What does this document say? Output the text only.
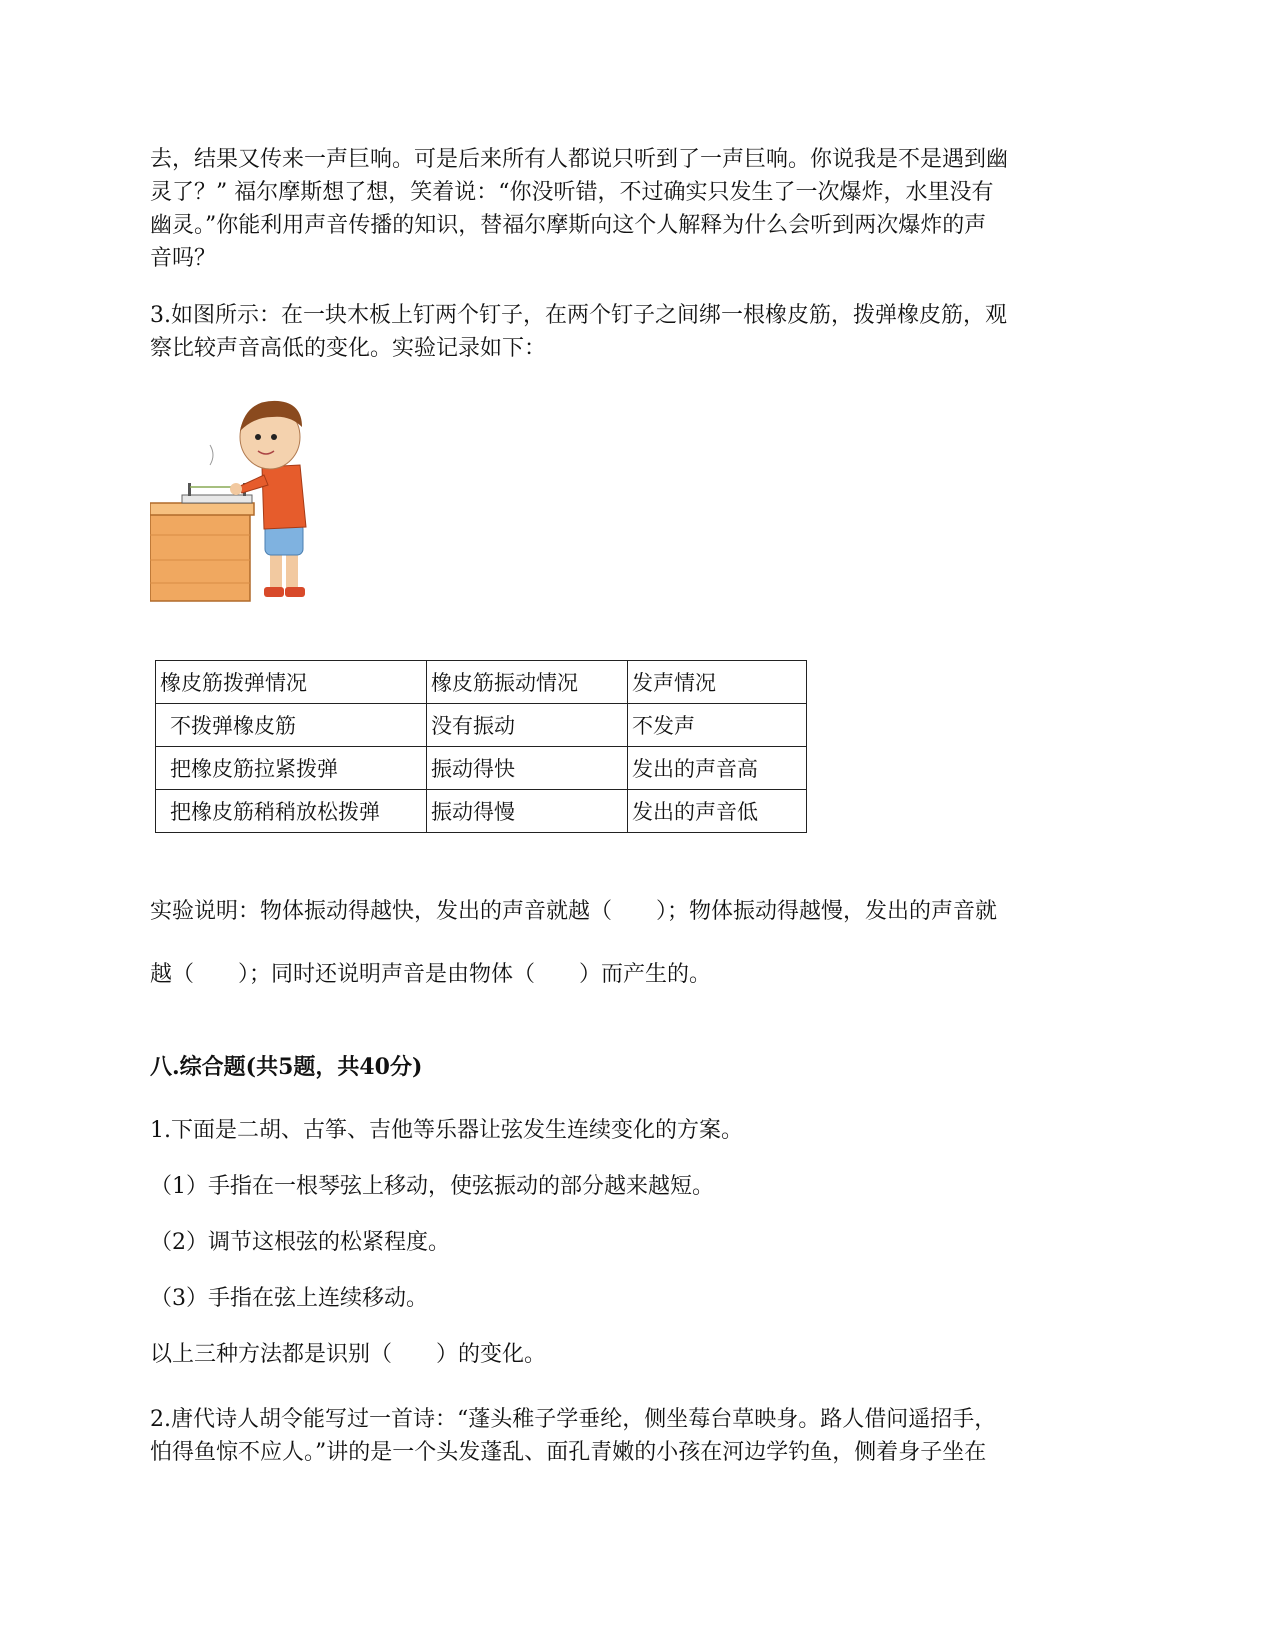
去，结果又传来一声巨响。可是后来所有人都说只听到了一声巨响。你说我是不是遇到幽
灵了？” 福尔摩斯想了想，笑着说：“你没听错，不过确实只发生了一次爆炸，水里没有
幽灵。”你能利用声音传播的知识，替福尔摩斯向这个人解释为什么会听到两次爆炸的声
音吗？

3.如图所示：在一块木板上钉两个钉子，在两个钉子之间绑一根橡皮筋，拨弹橡皮筋，观
察比较声音高低的变化。实验记录如下：

橡皮筋拨弹情况	橡皮筋振动情况	发声情况
不拨弹橡皮筋	没有振动	不发声
把橡皮筋拉紧拨弹	振动得快	发出的声音高
把橡皮筋稍稍放松拨弹	振动得慢	发出的声音低

实验说明：物体振动得越快，发出的声音就越（　　）；物体振动得越慢，发出的声音就

越（　　）；同时还说明声音是由物体（　　）而产生的。

八.综合题(共5题，共40分)

1.下面是二胡、古筝、吉他等乐器让弦发生连续变化的方案。

（1）手指在一根琴弦上移动，使弦振动的部分越来越短。

（2）调节这根弦的松紧程度。

（3）手指在弦上连续移动。

以上三种方法都是识别（　　）的变化。

2.唐代诗人胡令能写过一首诗：“蓬头稚子学垂纶，侧坐莓台草映身。路人借问遥招手，
怕得鱼惊不应人。”讲的是一个头发蓬乱、面孔青嫩的小孩在河边学钓鱼，侧着身子坐在
